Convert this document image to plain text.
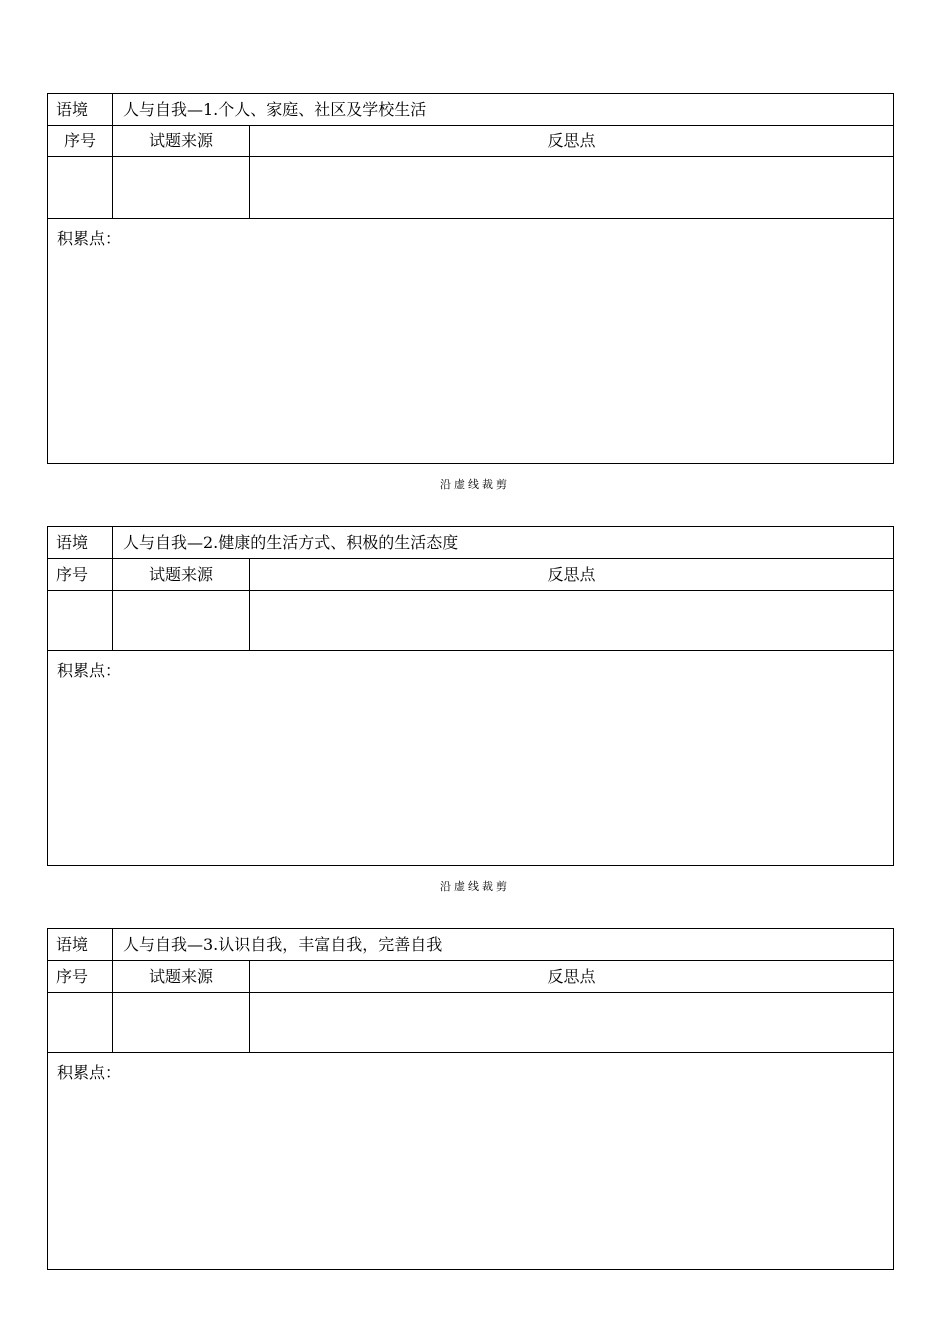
语境	人与自我—1.个人、家庭、社区及学校生活
序号	试题来源	反思点
积累点：
沿虚线裁剪
语境	人与自我—2.健康的生活方式、积极的生活态度
序号	试题来源	反思点
积累点：
沿虚线裁剪
语境	人与自我—3.认识自我，丰富自我，完善自我
序号	试题来源	反思点
积累点：
